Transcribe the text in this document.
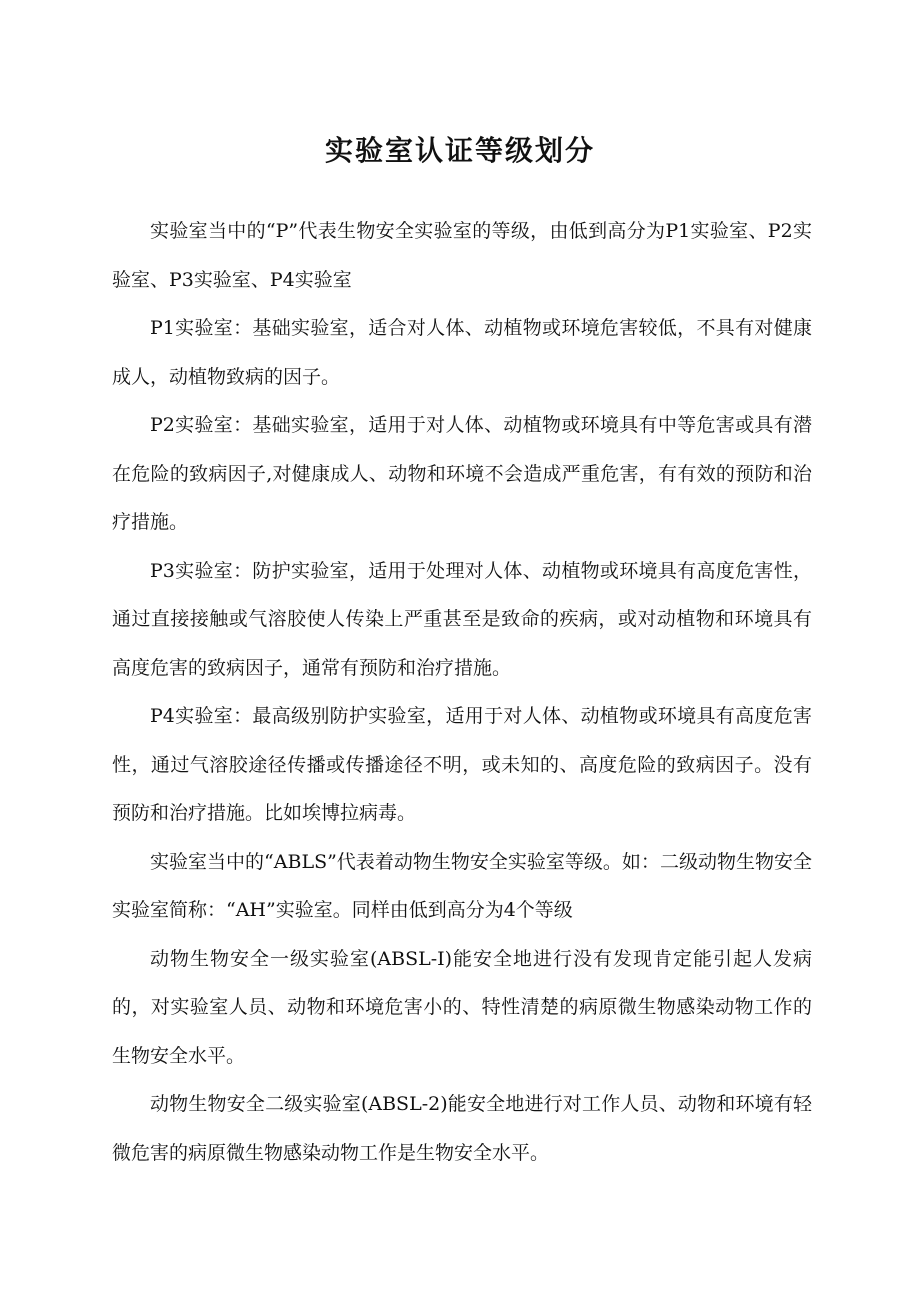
实验室认证等级划分

实验室当中的“P”代表生物安全实验室的等级，由低到高分为P1实验室、P2实验室、P3实验室、P4实验室

P1实验室：基础实验室，适合对人体、动植物或环境危害较低，不具有对健康成人，动植物致病的因子。

P2实验室：基础实验室，适用于对人体、动植物或环境具有中等危害或具有潜在危险的致病因子,对健康成人、动物和环境不会造成严重危害，有有效的预防和治疗措施。

P3实验室：防护实验室，适用于处理对人体、动植物或环境具有高度危害性，通过直接接触或气溶胶使人传染上严重甚至是致命的疾病，或对动植物和环境具有高度危害的致病因子，通常有预防和治疗措施。

P4实验室：最高级别防护实验室，适用于对人体、动植物或环境具有高度危害性，通过气溶胶途径传播或传播途径不明，或未知的、高度危险的致病因子。没有预防和治疗措施。比如埃博拉病毒。

实验室当中的“ABLS”代表着动物生物安全实验室等级。如：二级动物生物安全实验室简称：“AH”实验室。同样由低到高分为4个等级

动物生物安全一级实验室(ABSL-I)能安全地进行没有发现肯定能引起人发病的，对实验室人员、动物和环境危害小的、特性清楚的病原微生物感染动物工作的生物安全水平。

动物生物安全二级实验室(ABSL-2)能安全地进行对工作人员、动物和环境有轻微危害的病原微生物感染动物工作是生物安全水平。
